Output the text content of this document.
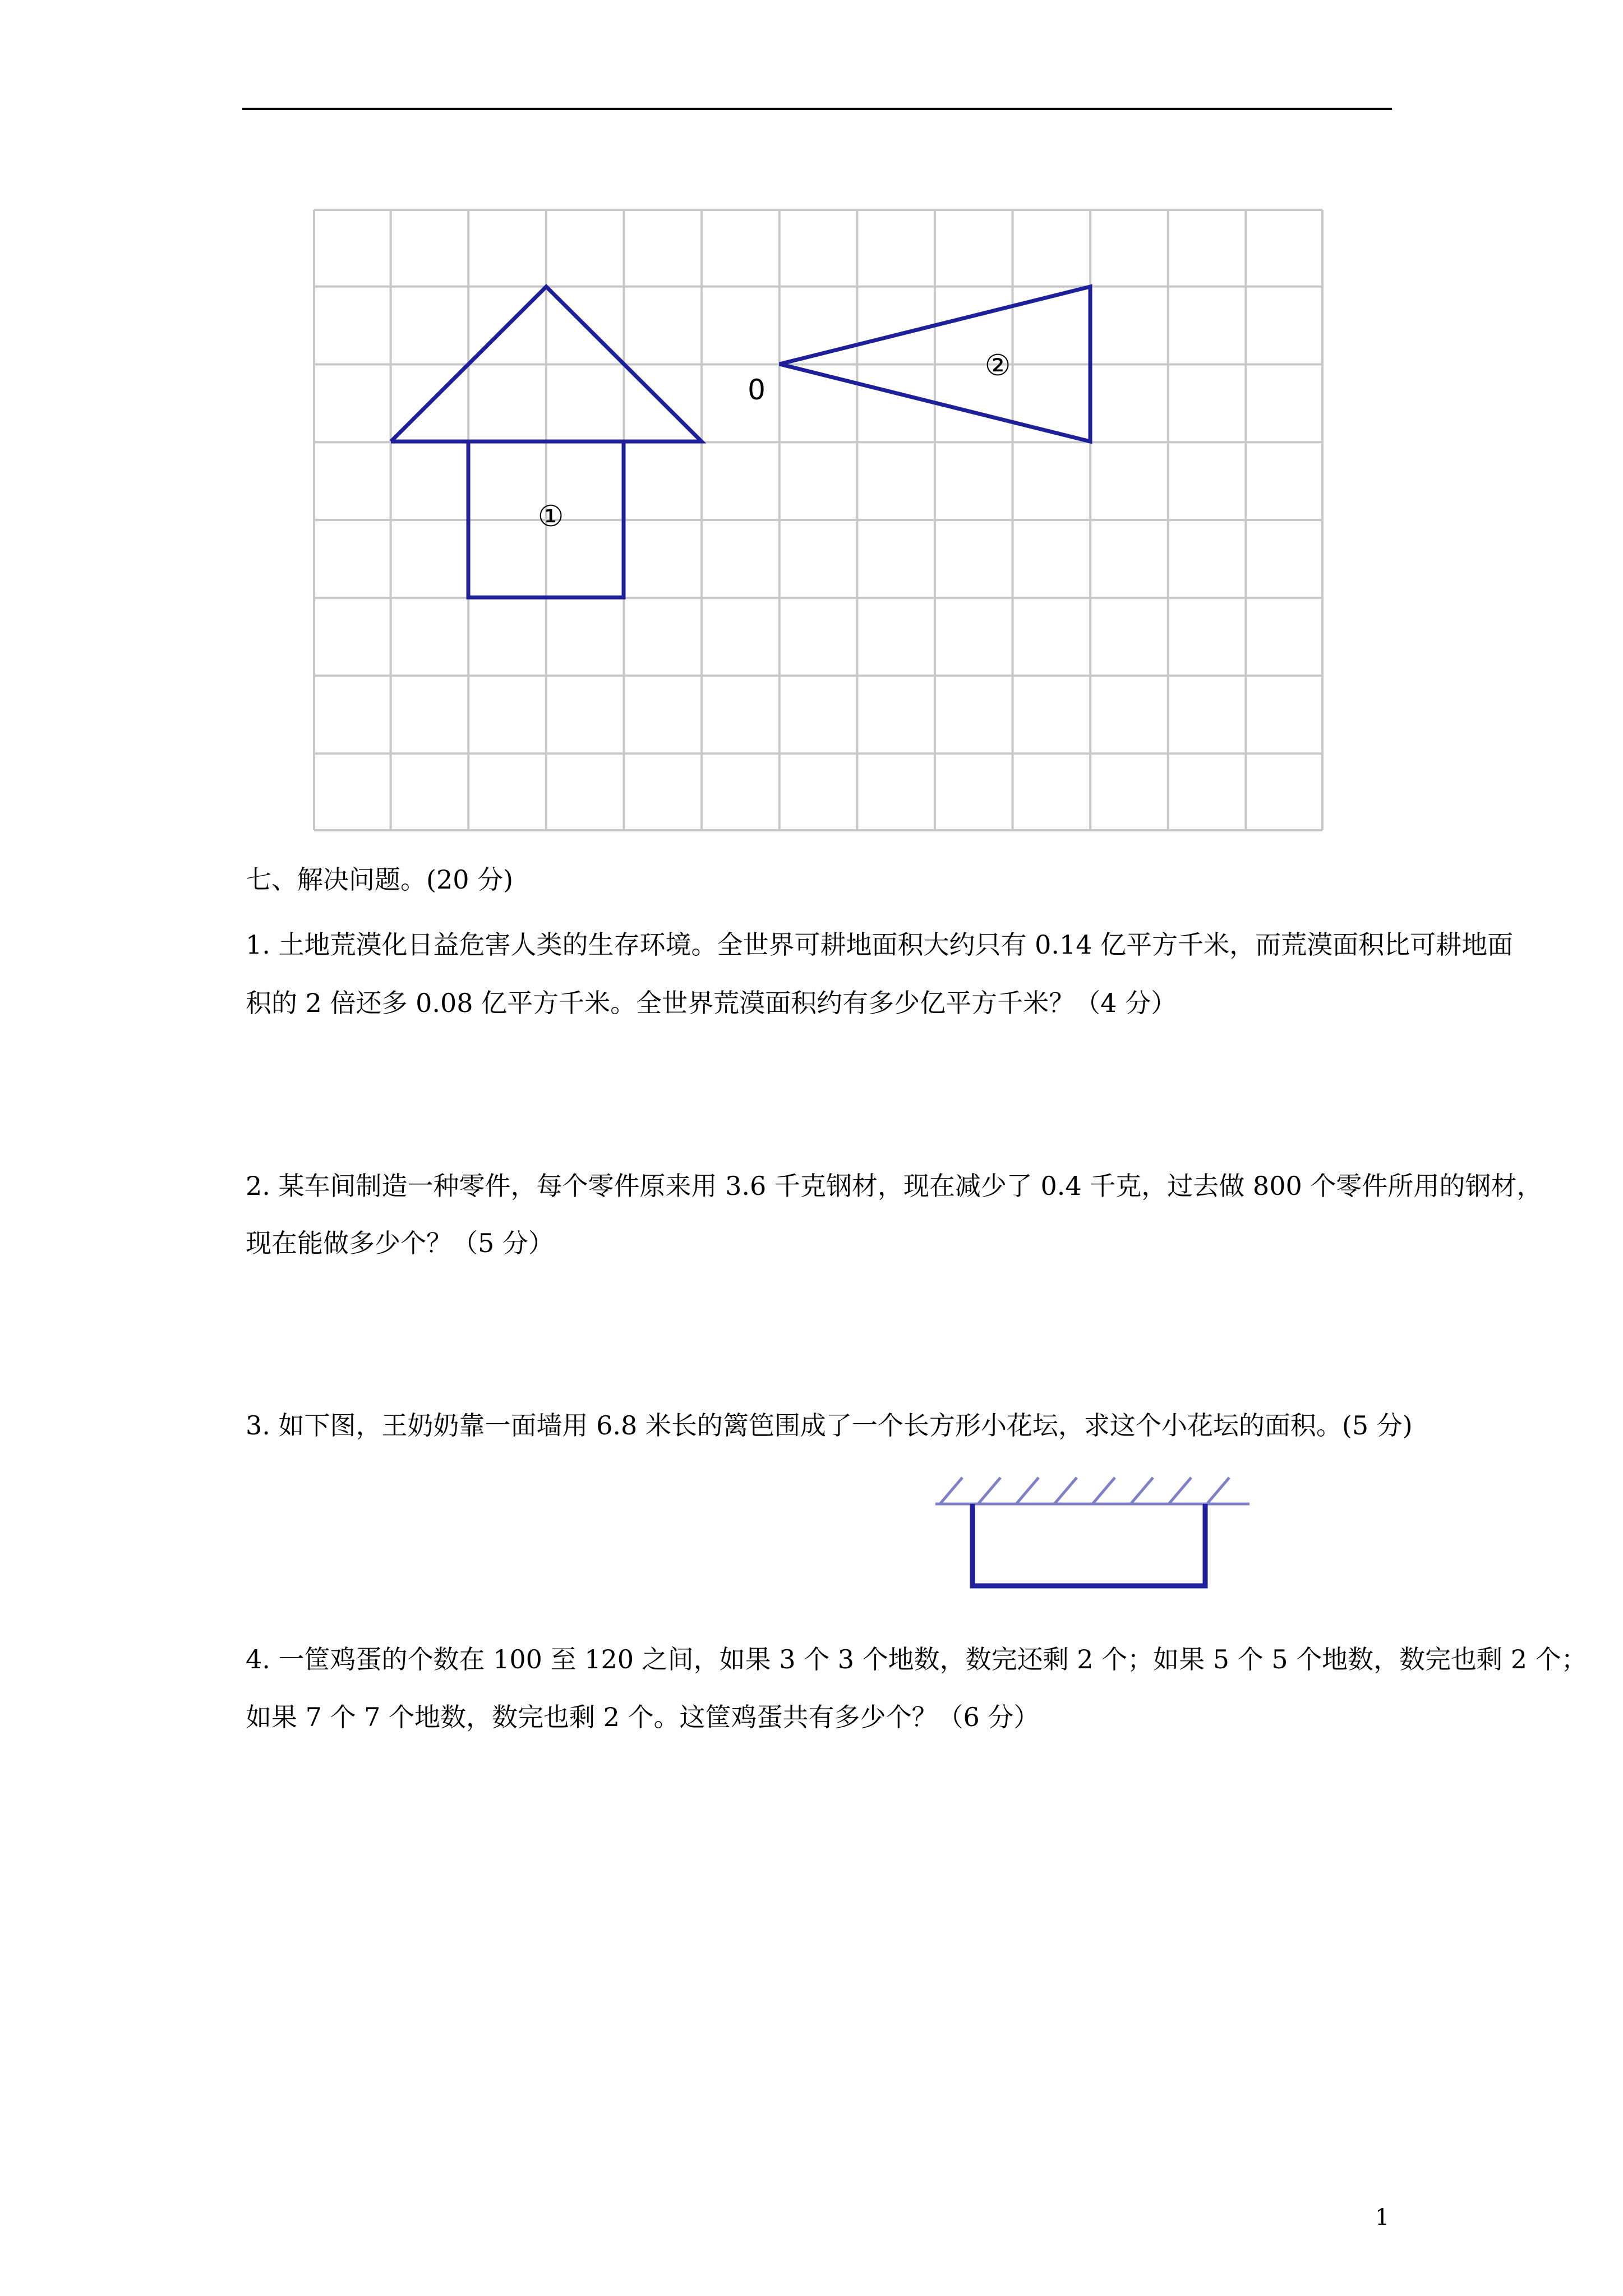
①
②
0
七、解决问题。(20 分)
1. 土地荒漠化日益危害人类的生存环境。全世界可耕地面积大约只有 0.14 亿平方千米，而荒漠面积比可耕地面
积的 2 倍还多 0.08 亿平方千米。全世界荒漠面积约有多少亿平方千米？（4 分）
2. 某车间制造一种零件，每个零件原来用 3.6 千克钢材，现在减少了 0.4 千克，过去做 800 个零件所用的钢材，
现在能做多少个？（5 分）
3. 如下图，王奶奶靠一面墙用 6.8 米长的篱笆围成了一个长方形小花坛，求这个小花坛的面积。(5 分)
4. 一筐鸡蛋的个数在 100 至 120 之间，如果 3 个 3 个地数，数完还剩 2 个；如果 5 个 5 个地数，数完也剩 2 个；
如果 7 个 7 个地数，数完也剩 2 个。这筐鸡蛋共有多少个？（6 分）
1
